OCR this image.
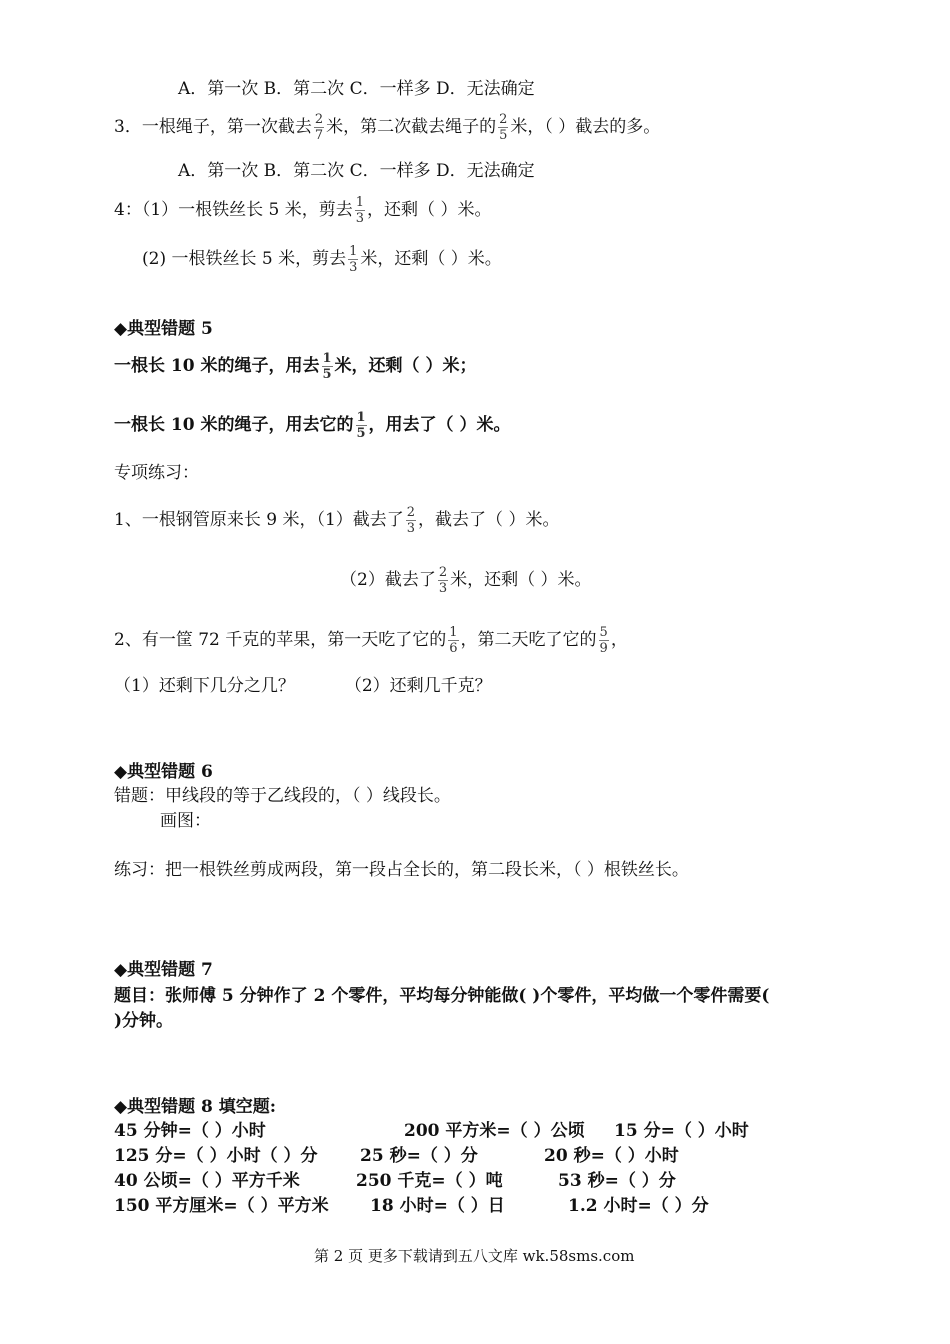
A．第一次 B．第二次 C．一样多 D．无法确定
3．一根绳子，第一次截去 $\frac{2}{7}$ 米，第二次截去绳子的 $\frac{2}{5}$ 米，（ ）截去的多。
A．第一次 B．第二次 C．一样多 D．无法确定
4：（1）一根铁丝长 5 米，剪去 $\frac{1}{3}$ ，还剩（ ）米。
(2) 一根铁丝长 5 米，剪去 $\frac{1}{3}$ 米，还剩（ ）米。
◆典型错题 5
一根长 10 米的绳子，用去 $\frac{1}{5}$ 米，还剩（ ）米；
一根长 10 米的绳子，用去它的 $\frac{1}{5}$ ，用去了（ ）米。
专项练习：
1、一根钢管原来长 9 米，（1）截去了 $\frac{2}{3}$ ，截去了（ ）米。
（2）截去了 $\frac{2}{3}$ 米，还剩（ ）米。
2、有一筐 72 千克的苹果，第一天吃了它的 $\frac{1}{6}$ ，第二天吃了它的 $\frac{5}{9}$ ，
（1）还剩下几分之几？	（2）还剩几千克？
◆典型错题 6
错题：甲线段的等于乙线段的，（ ）线段长。
画图：
练习：把一根铁丝剪成两段，第一段占全长的，第二段长米，（ ）根铁丝长。
◆典型错题 7
题目：张师傅 5 分钟作了 2 个零件，平均每分钟能做( )个零件，平均做一个零件需要(
)分钟。
◆典型错题 8 填空题:
45 分钟=（ ）小时	200 平方米=（ ）公顷 15 分=（ ）小时
125 分=（ ）小时（ ）分	25 秒=（ ）分	20 秒=（ ）小时
40 公顷=（ ）平方千米	250 千克=（ ）吨	53 秒=（ ）分
150 平方厘米=（ ）平方米 18 小时=（ ）日	1.2 小时=（ ）分
第 2 页 更多下载请到五八文库 wk.58sms.com
